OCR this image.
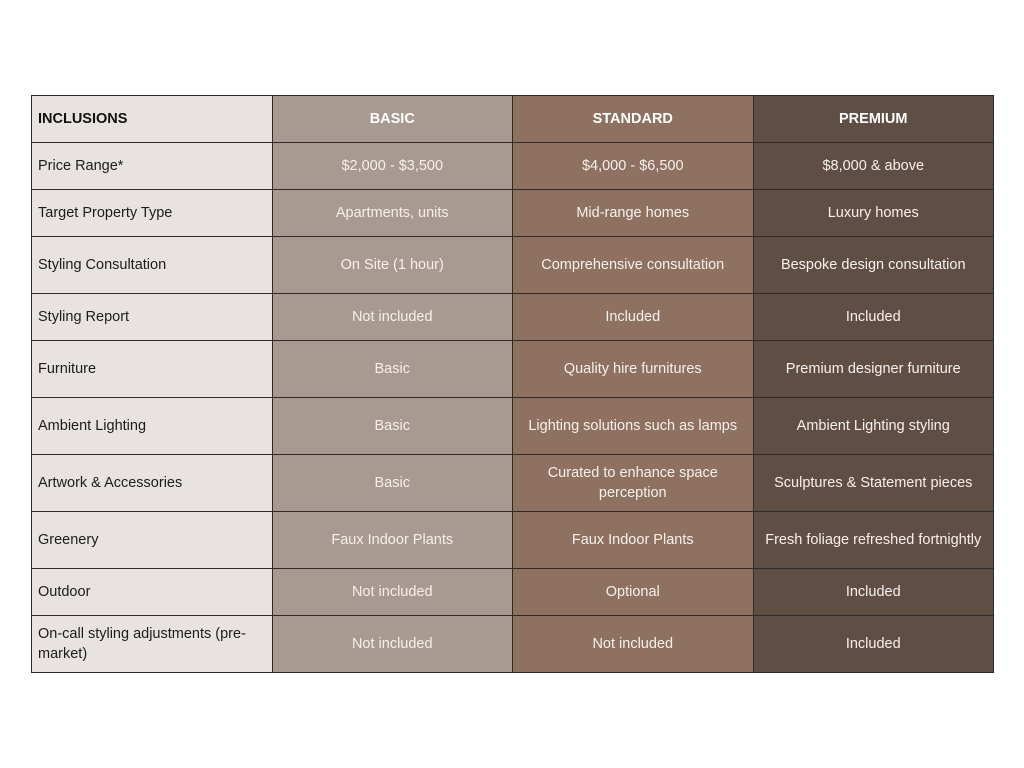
INCLUSIONS	BASIC	STANDARD	PREMIUM
Price Range*	$2,000 - $3,500	$4,000 - $6,500	$8,000 & above
Target Property Type	Apartments, units	Mid-range homes	Luxury homes
Styling Consultation	On Site (1 hour)	Comprehensive consultation	Bespoke design consultation
Styling Report	Not included	Included	Included
Furniture	Basic	Quality hire furnitures	Premium designer furniture
Ambient Lighting	Basic	Lighting solutions such as lamps	Ambient Lighting styling
Artwork & Accessories	Basic	Curated to enhance space perception	Sculptures & Statement pieces
Greenery	Faux Indoor Plants	Faux Indoor Plants	Fresh foliage refreshed fortnightly
Outdoor	Not included	Optional	Included
On-call styling adjustments (pre-market)	Not included	Not included	Included
